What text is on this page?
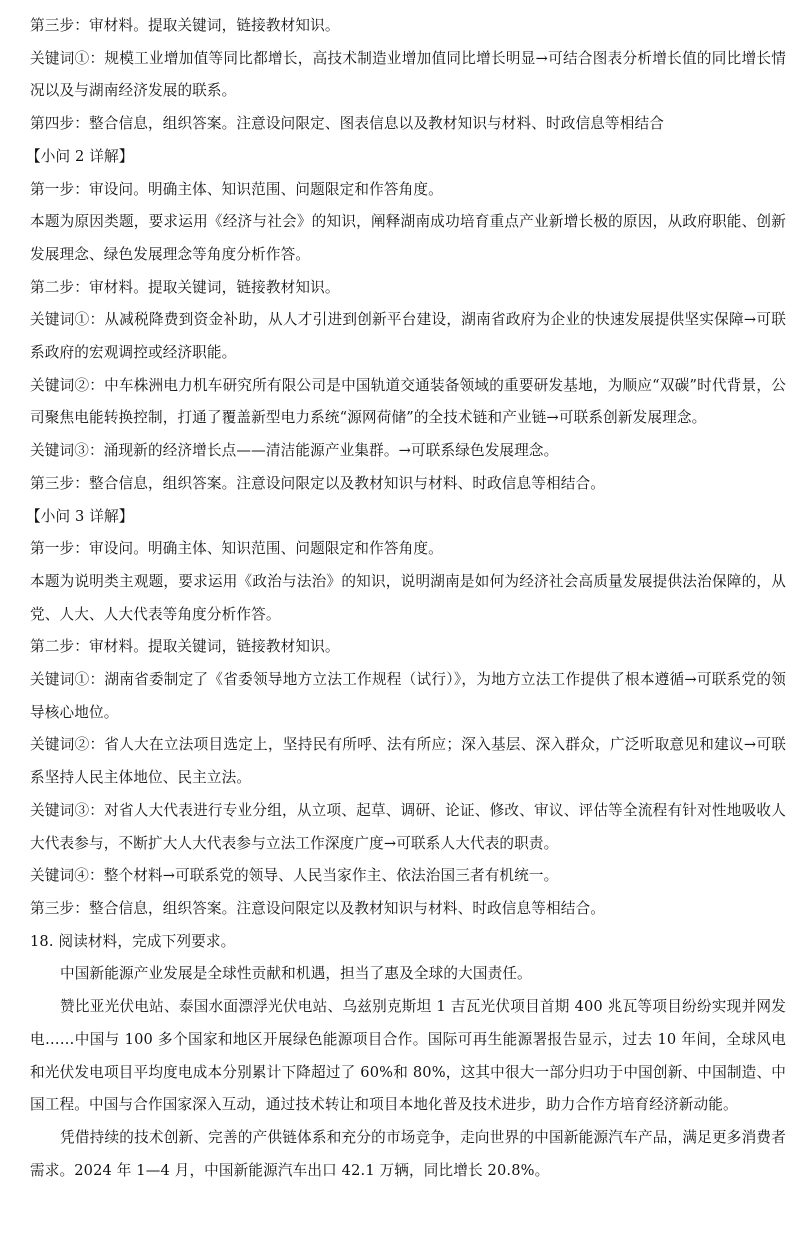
第三步：审材料。提取关键词，链接教材知识。
关键词①：规模工业增加值等同比都增长，高技术制造业增加值同比增长明显→可结合图表分析增长值的同比增长情况以及与湖南经济发展的联系。
第四步：整合信息，组织答案。注意设问限定、图表信息以及教材知识与材料、时政信息等相结合
【小问 2 详解】
第一步：审设问。明确主体、知识范围、问题限定和作答角度。
本题为原因类题，要求运用《经济与社会》的知识，阐释湖南成功培育重点产业新增长极的原因，从政府职能、创新发展理念、绿色发展理念等角度分析作答。
第二步：审材料。提取关键词，链接教材知识。
关键词①：从减税降费到资金补助，从人才引进到创新平台建设，湖南省政府为企业的快速发展提供坚实保障→可联系政府的宏观调控或经济职能。
关键词②：中车株洲电力机车研究所有限公司是中国轨道交通装备领域的重要研发基地，为顺应“双碳”时代背景，公司聚焦电能转换控制，打通了覆盖新型电力系统“源网荷储”的全技术链和产业链→可联系创新发展理念。
关键词③：涌现新的经济增长点——清洁能源产业集群。→可联系绿色发展理念。
第三步：整合信息，组织答案。注意设问限定以及教材知识与材料、时政信息等相结合。
【小问 3 详解】
第一步：审设问。明确主体、知识范围、问题限定和作答角度。
本题为说明类主观题，要求运用《政治与法治》的知识，说明湖南是如何为经济社会高质量发展提供法治保障的，从党、人大、人大代表等角度分析作答。
第二步：审材料。提取关键词，链接教材知识。
关键词①：湖南省委制定了《省委领导地方立法工作规程（试行）》，为地方立法工作提供了根本遵循→可联系党的领导核心地位。
关键词②：省人大在立法项目选定上，坚持民有所呼、法有所应；深入基层、深入群众，广泛听取意见和建议→可联系坚持人民主体地位、民主立法。
关键词③：对省人大代表进行专业分组，从立项、起草、调研、论证、修改、审议、评估等全流程有针对性地吸收人大代表参与，不断扩大人大代表参与立法工作深度广度→可联系人大代表的职责。
关键词④：整个材料→可联系党的领导、人民当家作主、依法治国三者有机统一。
第三步：整合信息，组织答案。注意设问限定以及教材知识与材料、时政信息等相结合。
18. 阅读材料，完成下列要求。
中国新能源产业发展是全球性贡献和机遇，担当了惠及全球的大国责任。
赞比亚光伏电站、泰国水面漂浮光伏电站、乌兹别克斯坦 1 吉瓦光伏项目首期 400 兆瓦等项目纷纷实现并网发电……中国与 100 多个国家和地区开展绿色能源项目合作。国际可再生能源署报告显示，过去 10 年间，全球风电和光伏发电项目平均度电成本分别累计下降超过了 60%和 80%，这其中很大一部分归功于中国创新、中国制造、中国工程。中国与合作国家深入互动，通过技术转让和项目本地化普及技术进步，助力合作方培育经济新动能。
凭借持续的技术创新、完善的产供链体系和充分的市场竞争，走向世界的中国新能源汽车产品，满足更多消费者需求。2024 年 1—4 月，中国新能源汽车出口 42.1 万辆，同比增长 20.8%。
